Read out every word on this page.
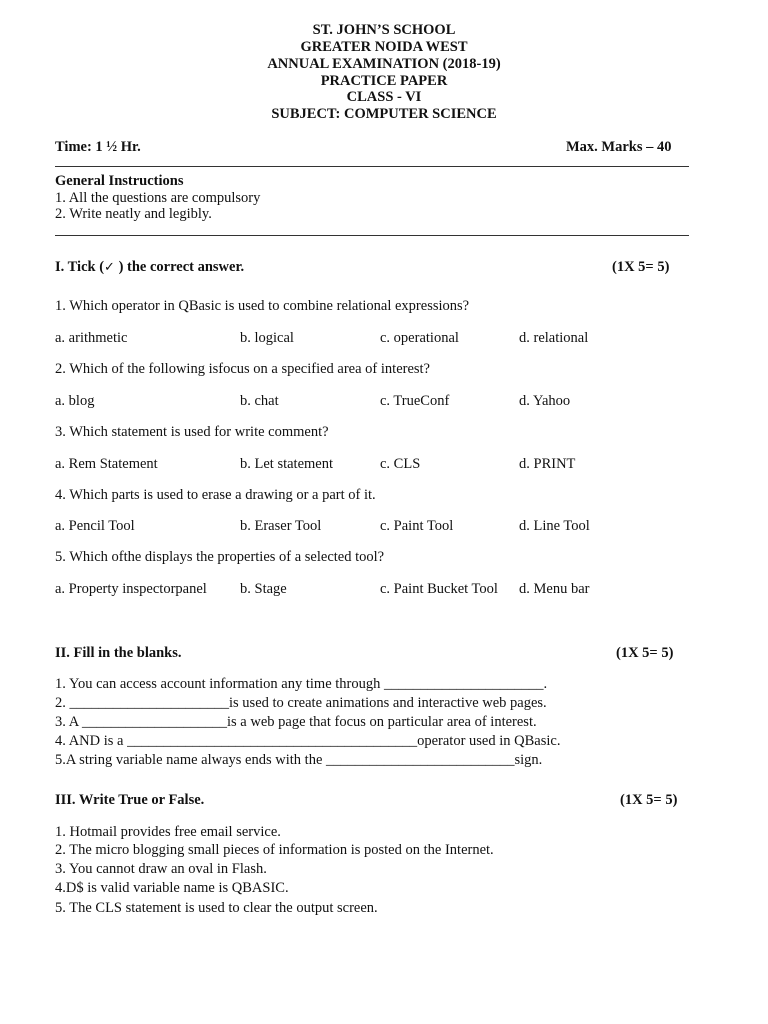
ST. JOHN’S SCHOOL
GREATER NOIDA WEST
ANNUAL EXAMINATION (2018-19)
PRACTICE PAPER
CLASS - VI
SUBJECT: COMPUTER SCIENCE
Time: 1 ½ Hr.	Max. Marks – 40
General Instructions
1. All the questions are compulsory
2. Write neatly and legibly.
I. Tick (✓ ) the correct answer.	(1X 5= 5)
1. Which operator in QBasic is used to combine relational expressions?
a. arithmetic	b. logical	c. operational	d. relational
2. Which of the following isfocus on a specified area of interest?
a. blog	b. chat	c. TrueConf	d. Yahoo
3. Which statement is used for write comment?
a. Rem Statement	b. Let statement	c. CLS	d. PRINT
4. Which parts is used to erase a drawing or a part of it.
a. Pencil Tool	b. Eraser Tool	c. Paint Tool	d. Line Tool
5. Which ofthe displays the properties of a selected tool?
a. Property inspectorpanel b. Stage	c. Paint Bucket Tool d. Menu bar
II. Fill in the blanks.	(1X 5= 5)
1. You can access account information any time through ______________________.
2. ______________________is used to create animations and interactive web pages.
3. A ____________________is a web page that focus on particular area of interest.
4. AND is a ________________________________________operator used in QBasic.
5.A string variable name always ends with the __________________________sign.
III. Write True or False.	(1X 5= 5)
1. Hotmail provides free email service.
2. The micro blogging small pieces of information is posted on the Internet.
3. You cannot draw an oval in Flash.
4.D$ is valid variable name is QBASIC.
5. The CLS statement is used to clear the output screen.
